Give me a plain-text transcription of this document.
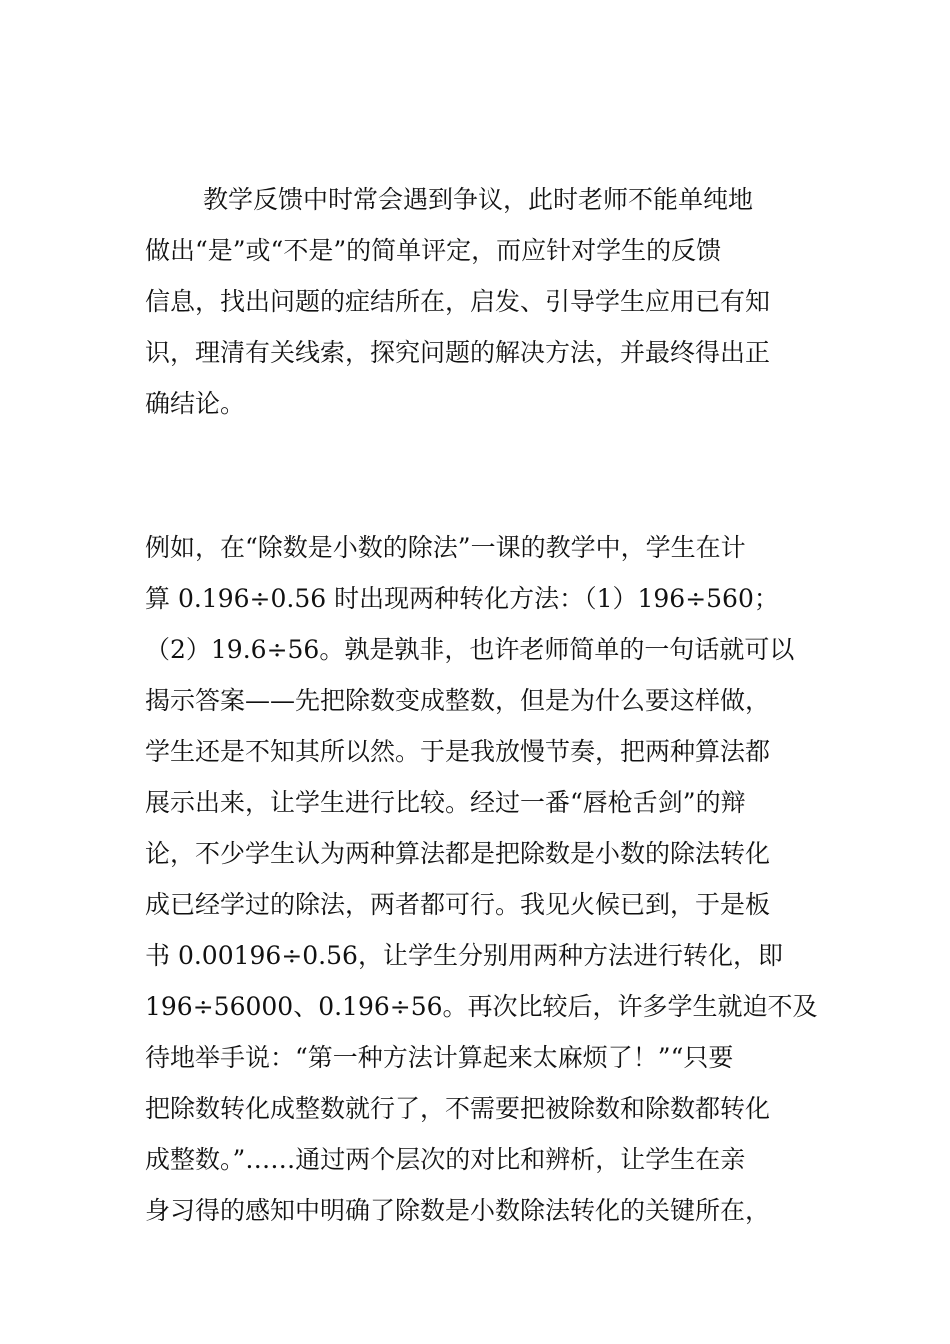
　　 教学反馈中时常会遇到争议，此时老师不能单纯地
做出“是”或“不是”的简单评定，而应针对学生的反馈
信息，找出问题的症结所在，启发、引导学生应用已有知
识，理清有关线索，探究问题的解决方法，并最终得出正
确结论。
例如，在“除数是小数的除法”一课的教学中，学生在计
算 0.196÷0.56 时出现两种转化方法：（1）196÷560；
（2）19.6÷56。孰是孰非，也许老师简单的一句话就可以
揭示答案——先把除数变成整数，但是为什么要这样做，
学生还是不知其所以然。于是我放慢节奏，把两种算法都
展示出来，让学生进行比较。经过一番“唇枪舌剑”的辩
论，不少学生认为两种算法都是把除数是小数的除法转化
成已经学过的除法，两者都可行。我见火候已到，于是板
书 0.00196÷0.56，让学生分别用两种方法进行转化，即
196÷56000、0.196÷56。再次比较后，许多学生就迫不及
待地举手说：“第一种方法计算起来太麻烦了！”“只要
把除数转化成整数就行了，不需要把被除数和除数都转化
成整数。”……通过两个层次的对比和辨析，让学生在亲
身习得的感知中明确了除数是小数除法转化的关键所在，
